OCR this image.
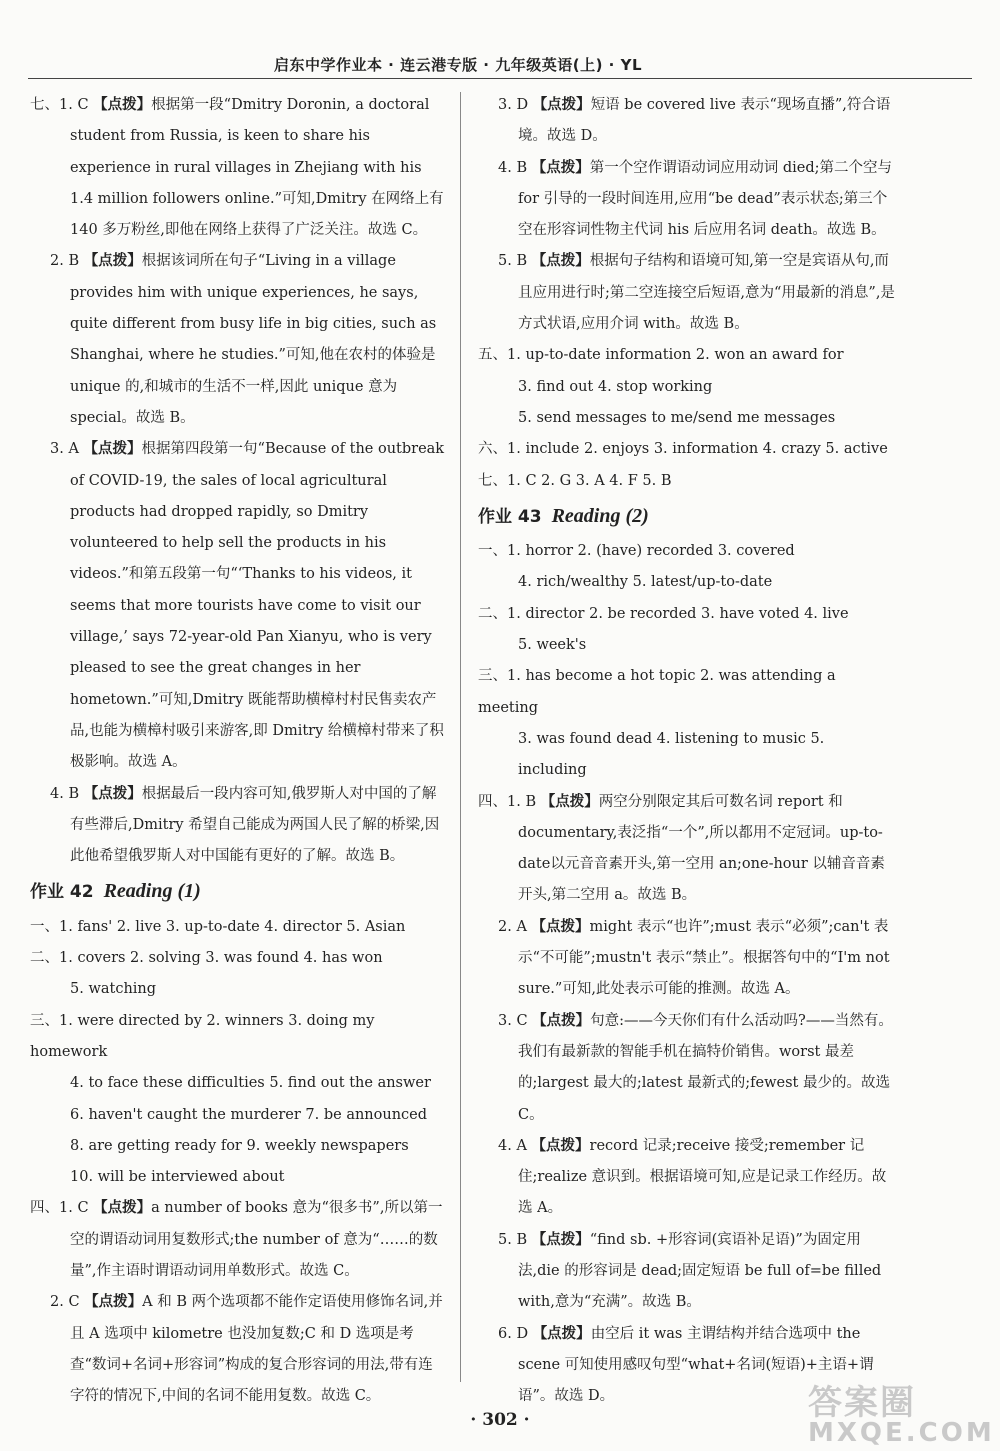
启东中学作业本 · 连云港专版 · 九年级英语(上) · YL
七、1. C 【点拨】根据第一段“Dmitry Doronin, a doctoral student from Russia, is keen to share his experience in rural villages in Zhejiang with his 1.4 million followers online.”可知,Dmitry 在网络上有 140 多万粉丝,即他在网络上获得了广泛关注。故选 C。
2. B 【点拨】根据该词所在句子“Living in a village provides him with unique experiences, he says, quite different from busy life in big cities, such as Shanghai, where he studies.”可知,他在农村的体验是 unique 的,和城市的生活不一样,因此 unique 意为 special。故选 B。
3. A 【点拨】根据第四段第一句“Because of the outbreak of COVID-19, the sales of local agricultural products had dropped rapidly, so Dmitry volunteered to help sell the products in his videos.”和第五段第一句“‘Thanks to his videos, it seems that more tourists have come to visit our village,’ says 72-year-old Pan Xianyu, who is very pleased to see the great changes in her hometown.”可知,Dmitry 既能帮助横樟村村民售卖农产品,也能为横樟村吸引来游客,即 Dmitry 给横樟村带来了积极影响。故选 A。
4. B 【点拨】根据最后一段内容可知,俄罗斯人对中国的了解有些滞后,Dmitry 希望自己能成为两国人民了解的桥梁,因此他希望俄罗斯人对中国能有更好的了解。故选 B。
作业 42 Reading (1)
一、1. fans' 2. live 3. up-to-date 4. director 5. Asian
二、1. covers 2. solving 3. was found 4. has won
5. watching
三、1. were directed by 2. winners 3. doing my homework
4. to face these difficulties 5. find out the answer
6. haven't caught the murderer 7. be announced
8. are getting ready for 9. weekly newspapers
10. will be interviewed about
四、1. C 【点拨】a number of books 意为“很多书”,所以第一空的谓语动词用复数形式;the number of 意为“……的数量”,作主语时谓语动词用单数形式。故选 C。
2. C 【点拨】A 和 B 两个选项都不能作定语使用修饰名词,并且 A 选项中 kilometre 也没加复数;C 和 D 选项是考查“数词+名词+形容词”构成的复合形容词的用法,带有连字符的情况下,中间的名词不能用复数。故选 C。
3. D 【点拨】短语 be covered live 表示“现场直播”,符合语境。故选 D。
4. B 【点拨】第一个空作谓语动词应用动词 died;第二个空与 for 引导的一段时间连用,应用“be dead”表示状态;第三个空在形容词性物主代词 his 后应用名词 death。故选 B。
5. B 【点拨】根据句子结构和语境可知,第一空是宾语从句,而且应用进行时;第二空连接空后短语,意为“用最新的消息”,是方式状语,应用介词 with。故选 B。
五、1. up-to-date information 2. won an award for
3. find out 4. stop working
5. send messages to me/send me messages
六、1. include 2. enjoys 3. information 4. crazy 5. active
七、1. C 2. G 3. A 4. F 5. B
作业 43 Reading (2)
一、1. horror 2. (have) recorded 3. covered
4. rich/wealthy 5. latest/up-to-date
二、1. director 2. be recorded 3. have voted 4. live
5. week's
三、1. has become a hot topic 2. was attending a meeting
3. was found dead 4. listening to music 5. including
四、1. B 【点拨】两空分别限定其后可数名词 report 和 documentary,表泛指“一个”,所以都用不定冠词。up-to-date以元音音素开头,第一空用 an;one-hour 以辅音音素开头,第二空用 a。故选 B。
2. A 【点拨】might 表示“也许”;must 表示“必须”;can't 表示“不可能”;mustn't 表示“禁止”。根据答句中的“I'm not sure.”可知,此处表示可能的推测。故选 A。
3. C 【点拨】句意:——今天你们有什么活动吗?——当然有。我们有最新款的智能手机在搞特价销售。worst 最差的;largest 最大的;latest 最新式的;fewest 最少的。故选 C。
4. A 【点拨】record 记录;receive 接受;remember 记住;realize 意识到。根据语境可知,应是记录工作经历。故选 A。
5. B 【点拨】“find sb. +形容词(宾语补足语)”为固定用法,die 的形容词是 dead;固定短语 be full of=be filled with,意为“充满”。故选 B。
6. D 【点拨】由空后 it was 主谓结构并结合选项中 the scene 可知使用感叹句型“what+名词(短语)+主语+谓语”。故选 D。
· 302 ·	答案圈
MXQE.COM
